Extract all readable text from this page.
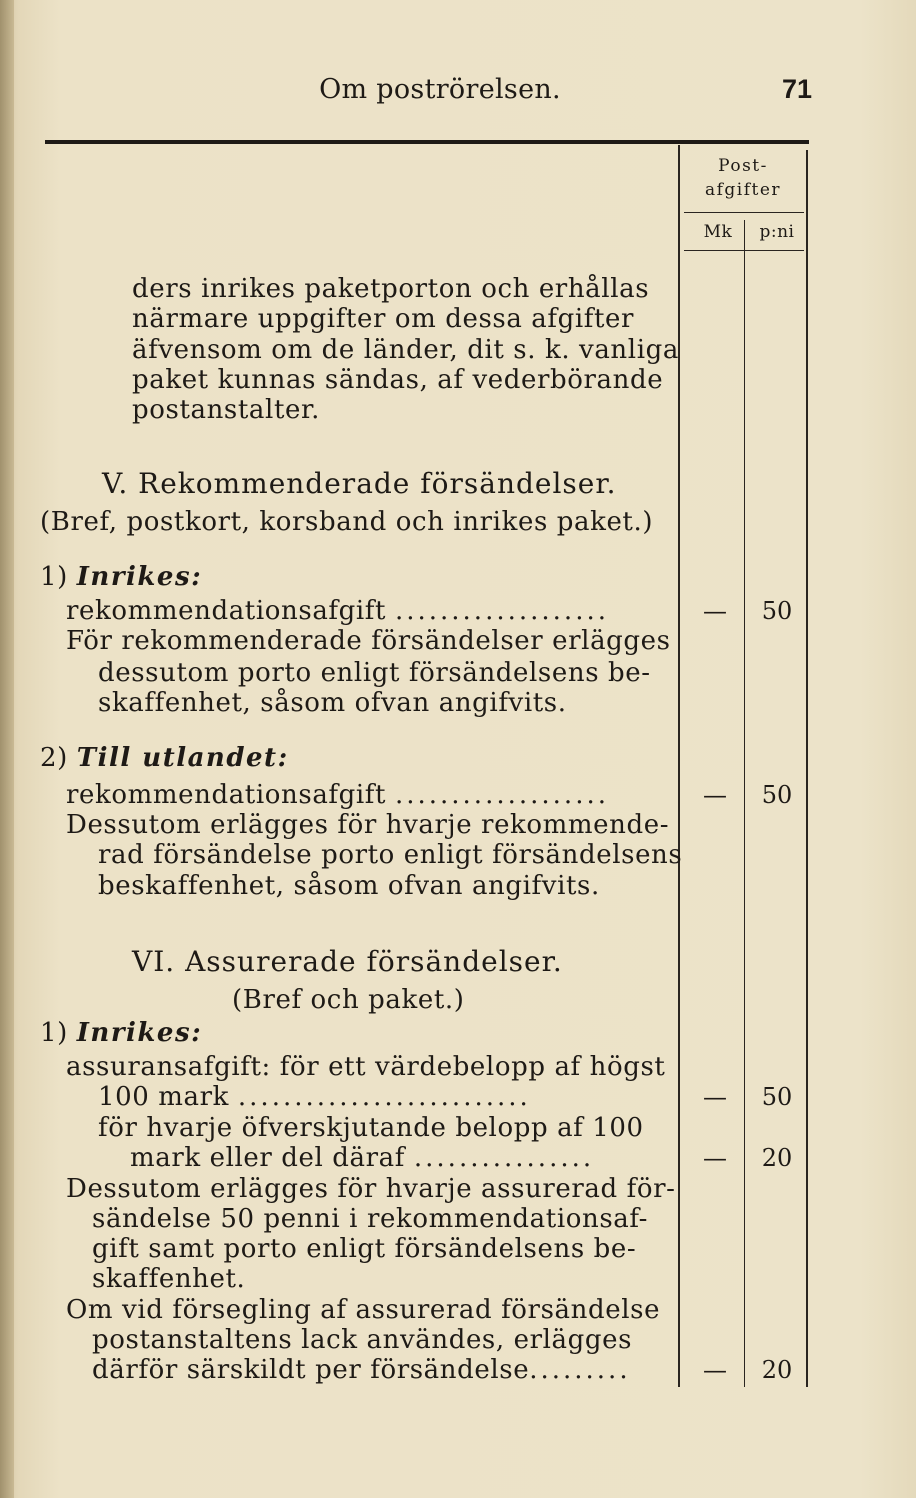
Om poströrelsen.	71
Post-
afgifter
Mk	p:ni
ders inrikes paketporton och erhållas
närmare uppgifter om dessa afgifter
äfvensom om de länder, dit s. k. vanliga
paket kunnas sändas, af vederbörande
postanstalter.
V. Rekommenderade försändelser.
(Bref, postkort, korsband och inrikes paket.)
1) Inrikes:
rekommendationsafgift ...................	—	50
För rekommenderade försändelser erlägges
dessutom porto enligt försändelsens be-
skaffenhet, såsom ofvan angifvits.
2) Till utlandet:
rekommendationsafgift ...................	—	50
Dessutom erlägges för hvarje rekommende-
rad försändelse porto enligt försändelsens
beskaffenhet, såsom ofvan angifvits.
VI. Assurerade försändelser.
(Bref och paket.)
1) Inrikes:
assuransafgift: för ett värdebelopp af högst
100 mark ..........................	—	50
för hvarje öfverskjutande belopp af 100
mark eller del däraf ................	—	20
Dessutom erlägges för hvarje assurerad för-
sändelse 50 penni i rekommendationsaf-
gift samt porto enligt försändelsens be-
skaffenhet.
Om vid försegling af assurerad försändelse
postanstaltens lack användes, erlägges
därför särskildt per försändelse.........	—	20
